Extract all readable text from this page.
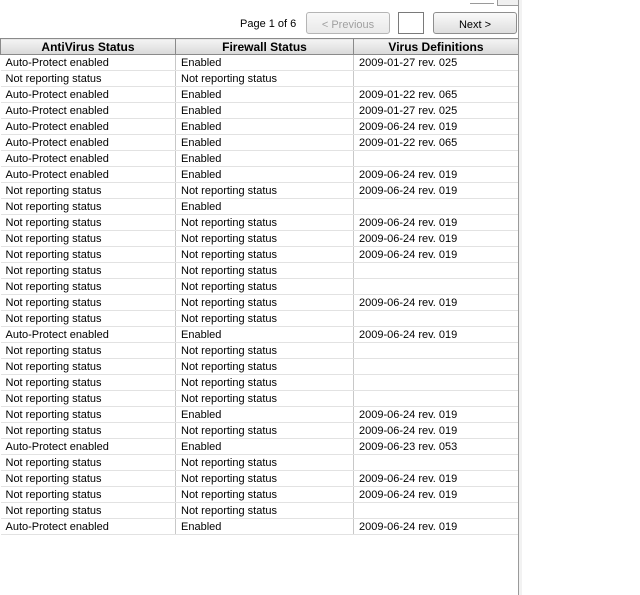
Page 1 of 6	< Previous	Next >
AntiVirus Status	Firewall Status	Virus Definitions
Auto-Protect enabled	Enabled	2009-01-27 rev. 025
Not reporting status	Not reporting status	
Auto-Protect enabled	Enabled	2009-01-22 rev. 065
Auto-Protect enabled	Enabled	2009-01-27 rev. 025
Auto-Protect enabled	Enabled	2009-06-24 rev. 019
Auto-Protect enabled	Enabled	2009-01-22 rev. 065
Auto-Protect enabled	Enabled	
Auto-Protect enabled	Enabled	2009-06-24 rev. 019
Not reporting status	Not reporting status	2009-06-24 rev. 019
Not reporting status	Enabled	
Not reporting status	Not reporting status	2009-06-24 rev. 019
Not reporting status	Not reporting status	2009-06-24 rev. 019
Not reporting status	Not reporting status	2009-06-24 rev. 019
Not reporting status	Not reporting status	
Not reporting status	Not reporting status	
Not reporting status	Not reporting status	2009-06-24 rev. 019
Not reporting status	Not reporting status	
Auto-Protect enabled	Enabled	2009-06-24 rev. 019
Not reporting status	Not reporting status	
Not reporting status	Not reporting status	
Not reporting status	Not reporting status	
Not reporting status	Not reporting status	
Not reporting status	Enabled	2009-06-24 rev. 019
Not reporting status	Not reporting status	2009-06-24 rev. 019
Auto-Protect enabled	Enabled	2009-06-23 rev. 053
Not reporting status	Not reporting status	
Not reporting status	Not reporting status	2009-06-24 rev. 019
Not reporting status	Not reporting status	2009-06-24 rev. 019
Not reporting status	Not reporting status	
Auto-Protect enabled	Enabled	2009-06-24 rev. 019
